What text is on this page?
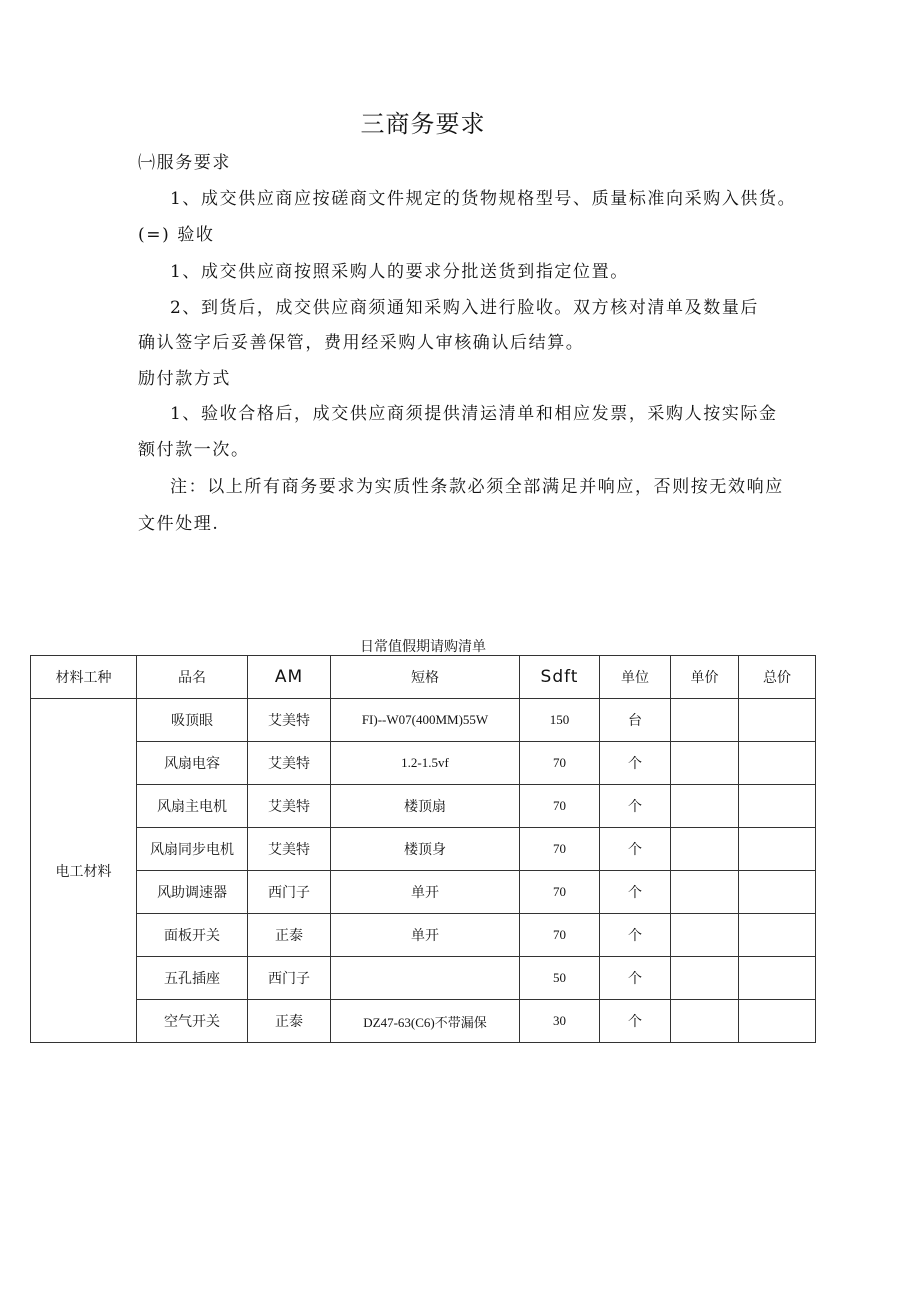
三商务要求
㈠服务要求
1、成交供应商应按磋商文件规定的货物规格型号、质量标准向采购入供货。
(=) 验收
1、成交供应商按照采购人的要求分批送货到指定位置。
2、到货后，成交供应商须通知采购入进行脸收。双方核对清单及数量后
确认签字后妥善保管，费用经采购人审核确认后结算。
励付款方式
1、验收合格后，成交供应商须提供清运清单和相应发票，采购人按实际金
额付款一次。
注：以上所有商务要求为实质性条款必须全部满足并响应，否则按无效响应
文件处理.
日常值假期请购清单
材料工种	品名	AM	短格	Sdft	单位	单价	总价
电工材料	吸顶眼	艾美特	FI)--W07(400MM)55W	150	台		
	风扇电容	艾美特	1.2-1.5vf	70	个		
	风扇主电机	艾美特	楼顶扇	70	个		
	风扇同步电机	艾美特	楼顶身	70	个		
	风助调速器	西门子	单开	70	个		
	面板开关	正泰	单开	70	个		
	五孔插座	西门子		50	个		
	空气开关	正泰	DZ47-63(C6)不带漏保	30	个		
